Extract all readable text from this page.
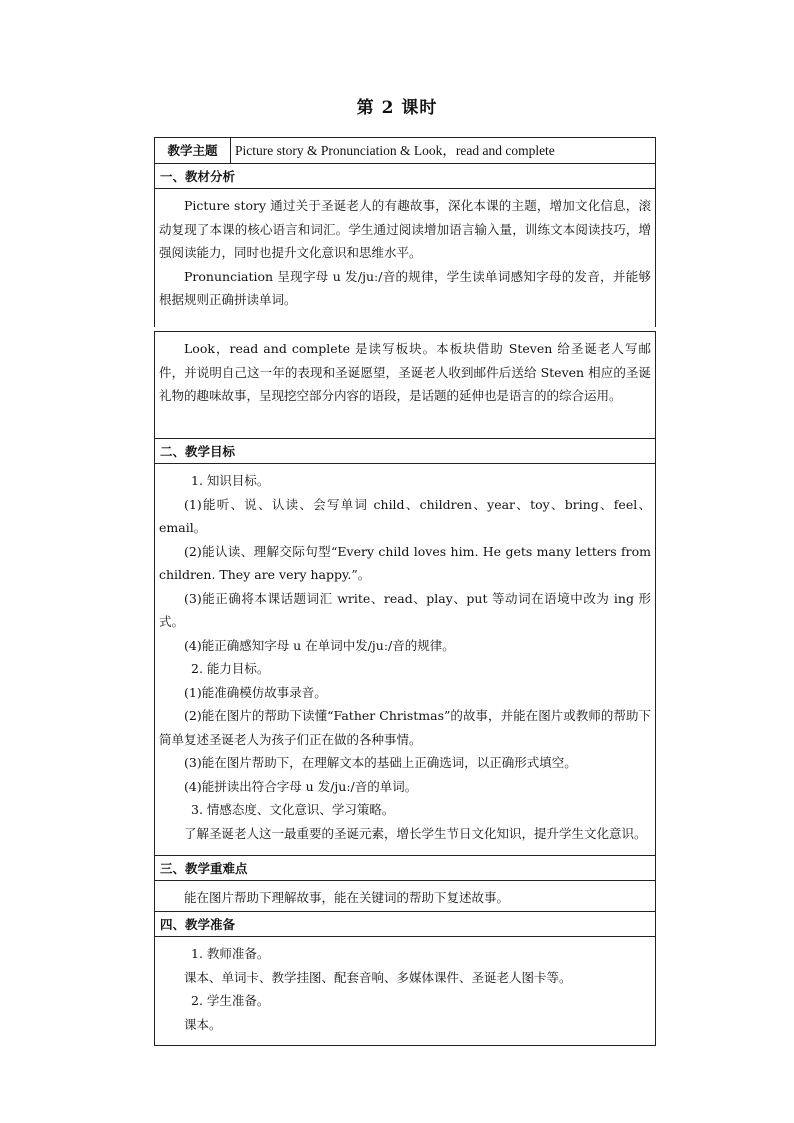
第 2 课时
教学主题	Picture story & Pronunciation & Look，read and complete
一、教材分析

Picture story 通过关于圣诞老人的有趣故事，深化本课的主题，增加文化信息，滚动复现了本课的核心语言和词汇。学生通过阅读增加语言输入量，训练文本阅读技巧，增强阅读能力，同时也提升文化意识和思维水平。

Pronunciation 呈现字母 u 发/juː/音的规律，学生读单词感知字母的发音，并能够根据规则正确拼读单词。

Look，read and complete 是读写板块。本板块借助 Steven 给圣诞老人写邮件，并说明自己这一年的表现和圣诞愿望，圣诞老人收到邮件后送给 Steven 相应的圣诞礼物的趣味故事，呈现挖空部分内容的语段，是话题的延伸也是语言的的综合运用。

二、教学目标

1. 知识目标。

(1)能听、说、认读、会写单词 child、children、year、toy、bring、feel、email。

(2)能认读、理解交际句型“Every child loves him. He gets many letters from children. They are very happy.”。

(3)能正确将本课话题词汇 write、read、play、put 等动词在语境中改为 ing 形式。

(4)能正确感知字母 u 在单词中发/juː/音的规律。

2. 能力目标。

(1)能准确模仿故事录音。

(2)能在图片的帮助下读懂“Father Christmas”的故事，并能在图片或教师的帮助下简单复述圣诞老人为孩子们正在做的各种事情。

(3)能在图片帮助下，在理解文本的基础上正确选词，以正确形式填空。

(4)能拼读出符合字母 u 发/juː/音的单词。

3. 情感态度、文化意识、学习策略。

了解圣诞老人这一最重要的圣诞元素，增长学生节日文化知识，提升学生文化意识。

三、教学重难点

能在图片帮助下理解故事，能在关键词的帮助下复述故事。

四、教学准备

1. 教师准备。

课本、单词卡、教学挂图、配套音响、多媒体课件、圣诞老人图卡等。

2. 学生准备。

课本。
